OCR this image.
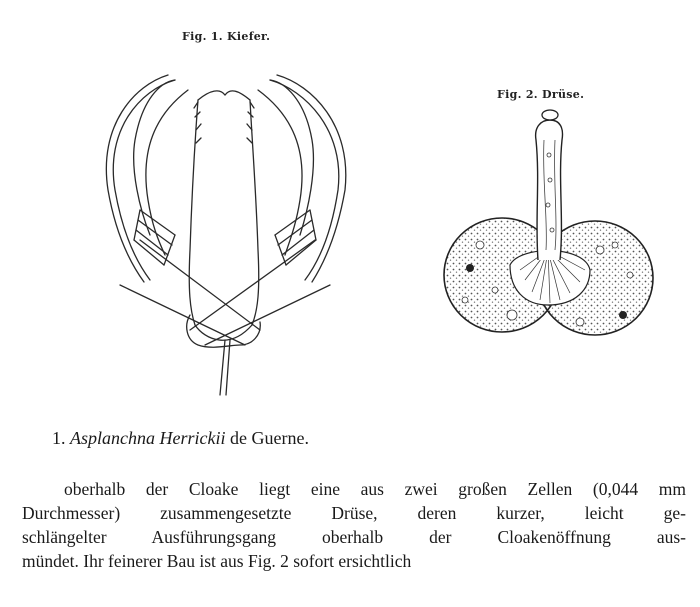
Fig. 1. Kiefer.
Fig. 2. Drüse.
1. Asplanchna Herrickii de Guerne.
oberhalb der Cloake liegt eine aus zwei großen Zellen (0,044 mm
Durchmesser) zusammengesetzte Drüse, deren kurzer, leicht ge-
schlängelter Ausführungsgang oberhalb der Cloakenöffnung aus-
mündet. Ihr feinerer Bau ist aus Fig. 2 sofort ersichtlich
